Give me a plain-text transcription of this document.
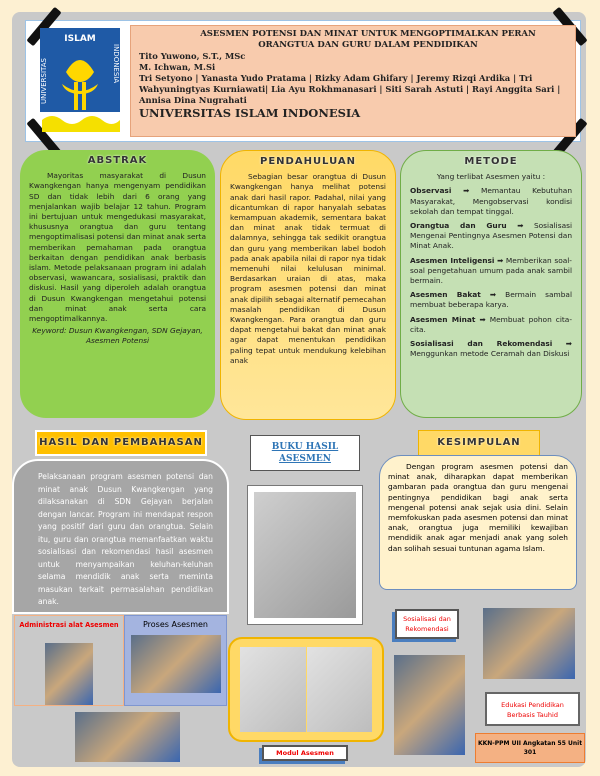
ISLAM
UNIVERSITAS	INDONESIA
ASESMEN POTENSI DAN MINAT UNTUK MENGOPTIMALKAN PERAN
ORANGTUA DAN GURU DALAM PENDIDIKAN
Tito Yuwono, S.T., MSc
M. Ichwan, M.Si
Tri Setyono | Yanasta Yudo Pratama | Rizky Adam Ghifary | Jeremy Rizqi Ardika | Tri Wahyuningtyas Kurniawati| Lia Ayu Rokhmanasari | Siti Sarah Astuti | Rayi Anggita Sari | Annisa Dina Nugrahati
UNIVERSITAS ISLAM INDONESIA
ABSTRAK

Mayoritas masyarakat di Dusun Kwangkengan hanya mengenyam pendidikan SD dan tidak lebih dari 6 orang yang menjalankan wajib belajar 12 tahun. Program ini bertujuan untuk mengedukasi masyarakat, khususnya orangtua dan guru tentang mengoptimalisasi potensi dan minat anak serta memberikan pemahaman pada orangtua berkaitan dengan pendidikan anak berbasis islam. Metode pelaksanaan program ini adalah observasi, wawancara, sosialisasi, praktik dan diskusi. Hasil yang diperoleh adalah orangtua di Dusun Kwangkengan mengetahui potensi dan minat anak serta cara mengoptimalkannya.

Keyword: Dusun Kwangkengan, SDN Gejayan, Asesmen Potensi

PENDAHULUAN

Sebagian besar orangtua di Dusun Kwangkengan hanya melihat potensi anak dari hasil rapor. Padahal, nilai yang dicantumkan di rapor hanyalah sebatas kemampuan akademik, sementara bakat dan minat anak tidak termuat di dalamnya, sehingga tak sedikit orangtua dan guru yang memberikan label bodoh pada anak apabila nilai di rapor nya tidak memenuhi nilai kelulusan minimal. Berdasarkan uraian di atas, maka program asesmen potensi dan minat anak dipilih sebagai alternatif pemecahan masalah pendidikan di Dusun Kwangkengan. Para orangtua dan guru dapat mengetahui bakat dan minat anak agar dapat menentukan pendidikan paling tepat untuk mendukung kelebihan anak

METODE

Yang terlibat Asesmen yaitu :

Observasi ➡ Memantau Kebutuhan Masyarakat, Mengobservasi kondisi sekolah dan tempat tinggal.

Orangtua dan Guru ➡ Sosialisasi Mengenai Pentingnya Asesmen Potensi dan Minat Anak.

Asesmen Inteligensi ➡ Memberikan soal-soal pengetahuan umum pada anak sambil bermain.

Asesmen Bakat ➡ Bermain sambal membuat beberapa karya.

Asesmen Minat ➡ Membuat pohon cita-cita.

Sosialisasi dan Rekomendasi ➡ Menggunkan metode Ceramah dan Diskusi

HASIL DAN PEMBAHASAN
Pelaksanaan program asesmen potensi dan minat anak Dusun Kwangkengan yang dilaksanakan di SDN Gejayan berjalan dengan lancar. Program ini mendapat respon yang positif dari guru dan orangtua. Selain itu, guru dan orangtua memanfaatkan waktu sosialisasi dan rekomendasi hasil asesmen untuk menyampaikan keluhan-keluhan selama mendidik anak serta meminta masukan terkait permasalahan pendidikan anak.
BUKU HASIL ASESMEN
KESIMPULAN

Dengan program asesmen potensi dan minat anak, diharapkan dapat memberikan gambaran pada orangtua dan guru mengenai pentingnya pendidikan bagi anak serta mengenal potensi anak sejak usia dini. Selain memfokuskan pada asesmen potensi dan minat anak, orangtua juga memiliki kewajiban mendidik anak agar menjadi anak yang soleh dan solihah sesuai tuntunan agama Islam.

Administrasi alat Asesmen	Proses Asesmen
Modul Asesmen
Sosialisasi dan Rekomendasi
Edukasi Pendidikan Berbasis Tauhid
KKN-PPM UII Angkatan 55 Unit 301
